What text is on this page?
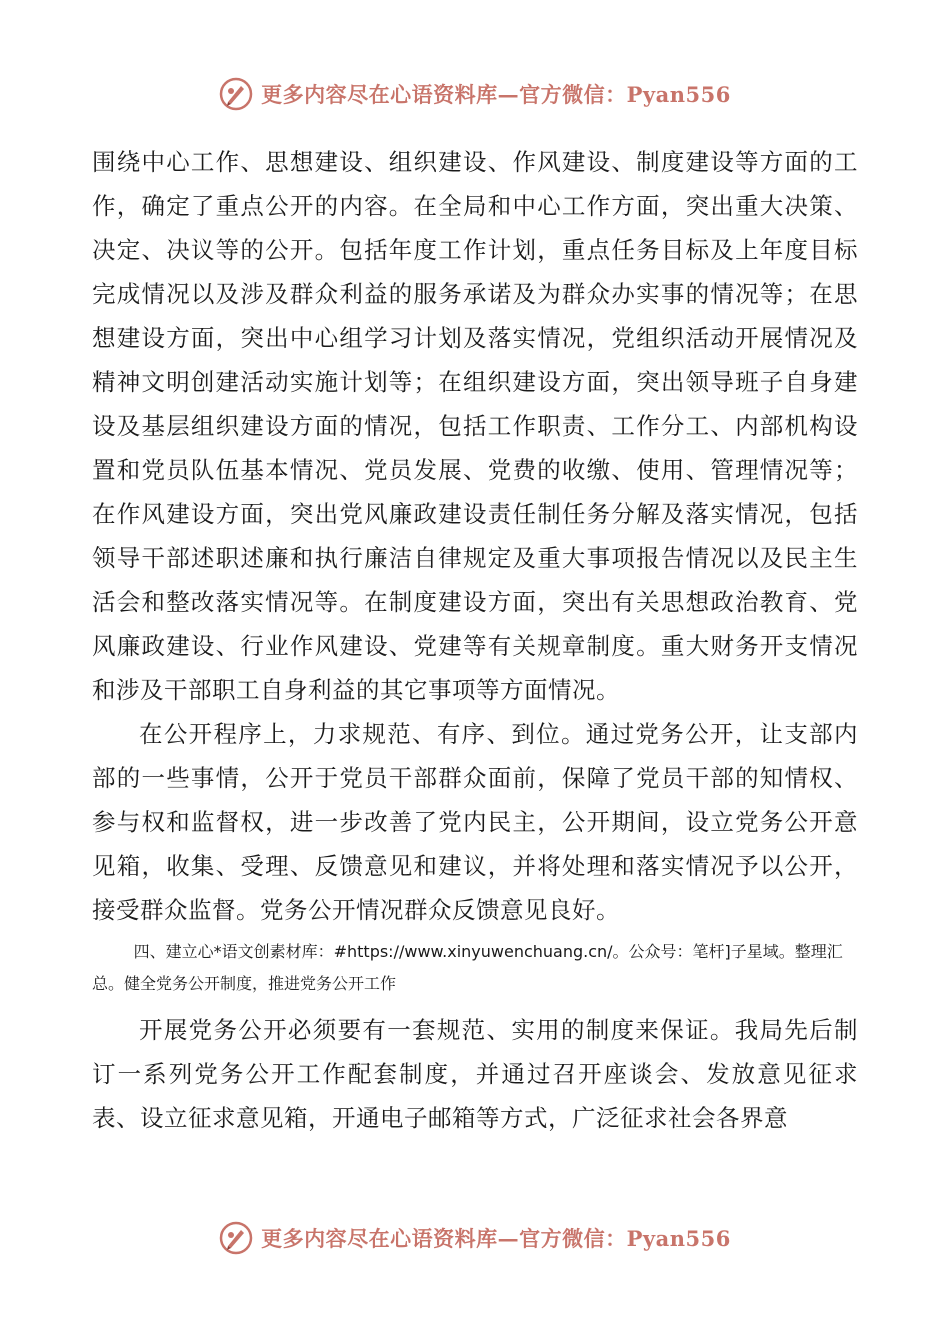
更多内容尽在心语资料库—官方微信：Pyan556

围绕中心工作、思想建设、组织建设、作风建设、制度建设等方面的工作，确定了重点公开的内容。在全局和中心工作方面，突出重大决策、决定、决议等的公开。包括年度工作计划，重点任务目标及上年度目标完成情况以及涉及群众利益的服务承诺及为群众办实事的情况等；在思想建设方面，突出中心组学习计划及落实情况，党组织活动开展情况及精神文明创建活动实施计划等；在组织建设方面，突出领导班子自身建设及基层组织建设方面的情况，包括工作职责、工作分工、内部机构设置和党员队伍基本情况、党员发展、党费的收缴、使用、管理情况等；在作风建设方面，突出党风廉政建设责任制任务分解及落实情况，包括领导干部述职述廉和执行廉洁自律规定及重大事项报告情况以及民主生活会和整改落实情况等。在制度建设方面，突出有关思想政治教育、党风廉政建设、行业作风建设、党建等有关规章制度。重大财务开支情况和涉及干部职工自身利益的其它事项等方面情况。

在公开程序上，力求规范、有序、到位。通过党务公开，让支部内部的一些事情，公开于党员干部群众面前，保障了党员干部的知情权、参与权和监督权，进一步改善了党内民主，公开期间，设立党务公开意见箱，收集、受理、反馈意见和建议，并将处理和落实情况予以公开，接受群众监督。党务公开情况群众反馈意见良好。

四、建立心*语文创素材库：#https://www.xinyuwenchuang.cn/。公众号：笔杆]子星域。整理汇总。健全党务公开制度，推进党务公开工作

开展党务公开必须要有一套规范、实用的制度来保证。我局先后制订一系列党务公开工作配套制度，并通过召开座谈会、发放意见征求表、设立征求意见箱，开通电子邮箱等方式，广泛征求社会各界意

更多内容尽在心语资料库—官方微信：Pyan556
